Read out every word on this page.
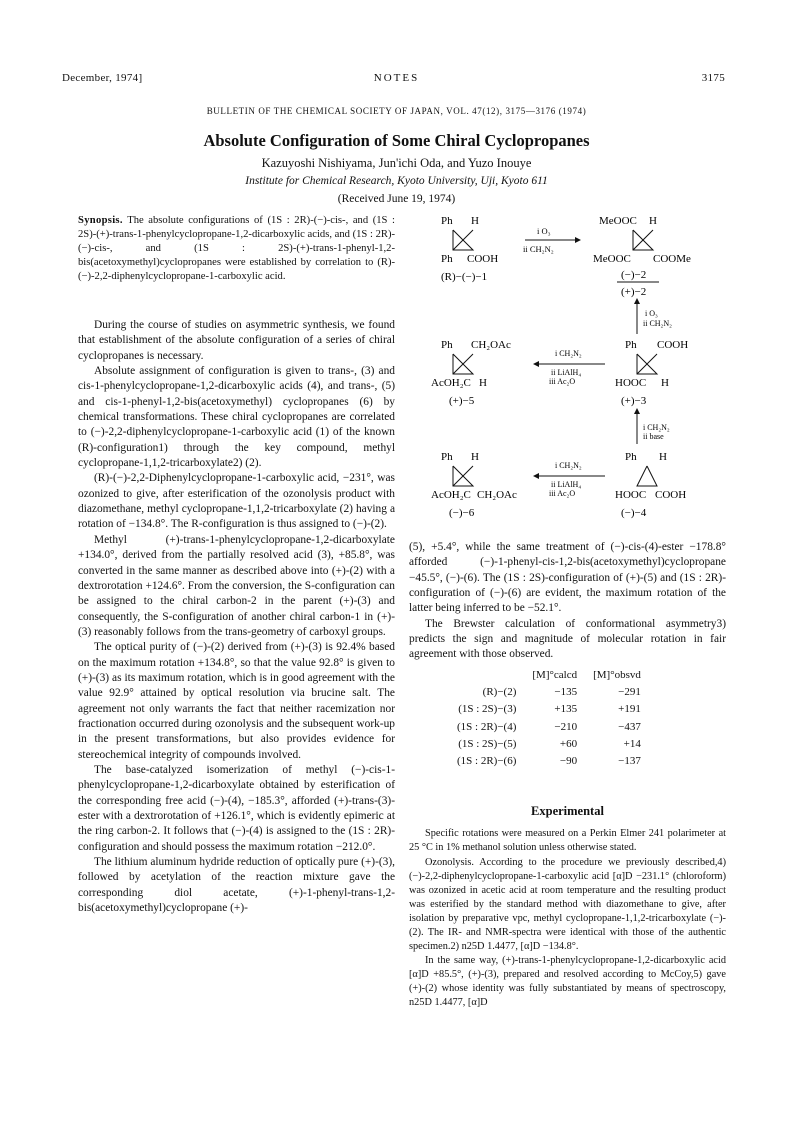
December, 1974]	NOTES	3175
BULLETIN OF THE CHEMICAL SOCIETY OF JAPAN, VOL. 47(12), 3175—3176 (1974)
Absolute Configuration of Some Chiral Cyclopropanes
Kazuyoshi Nishiyama, Jun'ichi Oda, and Yuzo Inouye
Institute for Chemical Research, Kyoto University, Uji, Kyoto 611
(Received June 19, 1974)
Synopsis. The absolute configurations of (1S : 2R)-(−)-cis-, and (1S : 2S)-(+)-trans-1-phenylcyclopropane-1,2-dicarboxylic acids, and (1S : 2R)-(−)-cis-, and (1S : 2S)-(+)-trans-1-phenyl-1,2-bis(acetoxymethyl)cyclopropanes were established by correlation to (R)-(−)-2,2-diphenylcyclopropane-1-carboxylic acid.

During the course of studies on asymmetric synthesis, we found that establishment of the absolute configuration of a series of chiral cyclopropanes is necessary.

Absolute assignment of configuration is given to trans-, (3) and cis-1-phenylcyclopropane-1,2-dicarboxylic acids (4), and trans-, (5) and cis-1-phenyl-1,2-bis(acetoxymethyl) cyclopropanes (6) by chemical transformations. These chiral cyclopropanes are correlated to (−)-2,2-diphenylcyclopropane-1-carboxylic acid (1) of the known (R)-configuration1) through the key compound, methyl cyclopropane-1,1,2-tricarboxylate2) (2).

(R)-(−)-2,2-Diphenylcyclopropane-1-carboxylic acid, −231°, was ozonized to give, after esterification of the ozonolysis product with diazomethane, methyl cyclopropane-1,1,2-tricarboxylate (2) having a rotation of −134.8°. The R-configuration is thus assigned to (−)-(2).

Methyl (+)-trans-1-phenylcyclopropane-1,2-dicarboxylate +134.0°, derived from the partially resolved acid (3), +85.8°, was converted in the same manner as described above into (+)-(2) with a dextrorotation +124.6°. From the conversion, the S-configuration can be assigned to the chiral carbon-2 in the parent (+)-(3) and consequently, the S-configuration of another chiral carbon-1 in (+)-(3) reasonably follows from the trans-geometry of carboxyl groups.

The optical purity of (−)-(2) derived from (+)-(3) is 92.4% based on the maximum rotation +134.8°, so that the value 92.8° is given to (+)-(3) as its maximum rotation, which is in good agreement with the value 92.9° attained by optical resolution via brucine salt. The agreement not only warrants the fact that neither racemization nor fractionation occurred during ozonolysis and the subsequent work-up in the present transformations, but also provides evidence for stereochemical integrity of compounds involved.

The base-catalyzed isomerization of methyl (−)-cis-1-phenylcyclopropane-1,2-dicarboxylate obtained by esterification of the corresponding free acid (−)-(4), −185.3°, afforded (+)-trans-(3)-ester with a dextrorotation of +126.1°, which is evidently epimeric at the ring carbon-2. It follows that (−)-(4) is assigned to the (1S : 2R)-configuration and should possess the maximum rotation −212.0°.

The lithium aluminum hydride reduction of optically pure (+)-(3), followed by acetylation of the reaction mixture gave the corresponding diol acetate, (+)-1-phenyl-trans-1,2-bis(acetoxymethyl)cyclopropane (+)-

Ph H
Ph COOH
(R)−(−)−1
i O₃
ii CH₂N₂
MeOOC H
MeOOC COOMe
(−)−2
(+)−2
i O₃
ii CH₂N₂
Ph CH₂OAc
AcOH₂C H
(+)−5
i CH₂N₂
ii LiAlH₄
iii Ac₂O
Ph COOH
HOOC H
(+)−3
i CH₂N₂
ii base
Ph H
AcOH₂C CH₂OAc
(−)−6
i CH₂N₂
ii LiAlH₄
iii Ac₂O
Ph H
HOOC COOH
(−)−4

(5), +5.4°, while the same treatment of (−)-cis-(4)-ester −178.8° afforded (−)-1-phenyl-cis-1,2-bis(acetoxymethyl)cyclopropane −45.5°, (−)-(6). The (1S : 2S)-configuration of (+)-(5) and (1S : 2R)-configuration of (−)-(6) are evident, the maximum rotation of the latter being inferred to be −52.1°.

The Brewster calculation of conformational asymmetry3) predicts the sign and magnitude of molecular rotation in fair agreement with those observed.

	[M]°calcd	[M]°obsvd
(R)−(2)	−135	−291
(1S : 2S)−(3)	+135	+191
(1S : 2R)−(4)	−210	−437
(1S : 2S)−(5)	+60	+14
(1S : 2R)−(6)	−90	−137
Experimental

Specific rotations were measured on a Perkin Elmer 241 polarimeter at 25 °C in 1% methanol solution unless otherwise stated.

Ozonolysis. According to the procedure we previously described,4) (−)-2,2-diphenylcyclopropane-1-carboxylic acid [α]D −231.1° (chloroform) was ozonized in acetic acid at room temperature and the resulting product was esterified by the standard method with diazomethane to give, after isolation by preparative vpc, methyl cyclopropane-1,1,2-tricarboxylate (−)-(2). The IR- and NMR-spectra were identical with those of the authentic specimen.2) n25D 1.4477, [α]D −134.8°.

In the same way, (+)-trans-1-phenylcyclopropane-1,2-dicarboxylic acid [α]D +85.5°, (+)-(3), prepared and resolved according to McCoy,5) gave (+)-(2) whose identity was fully substantiated by means of spectroscopy, n25D 1.4477, [α]D
